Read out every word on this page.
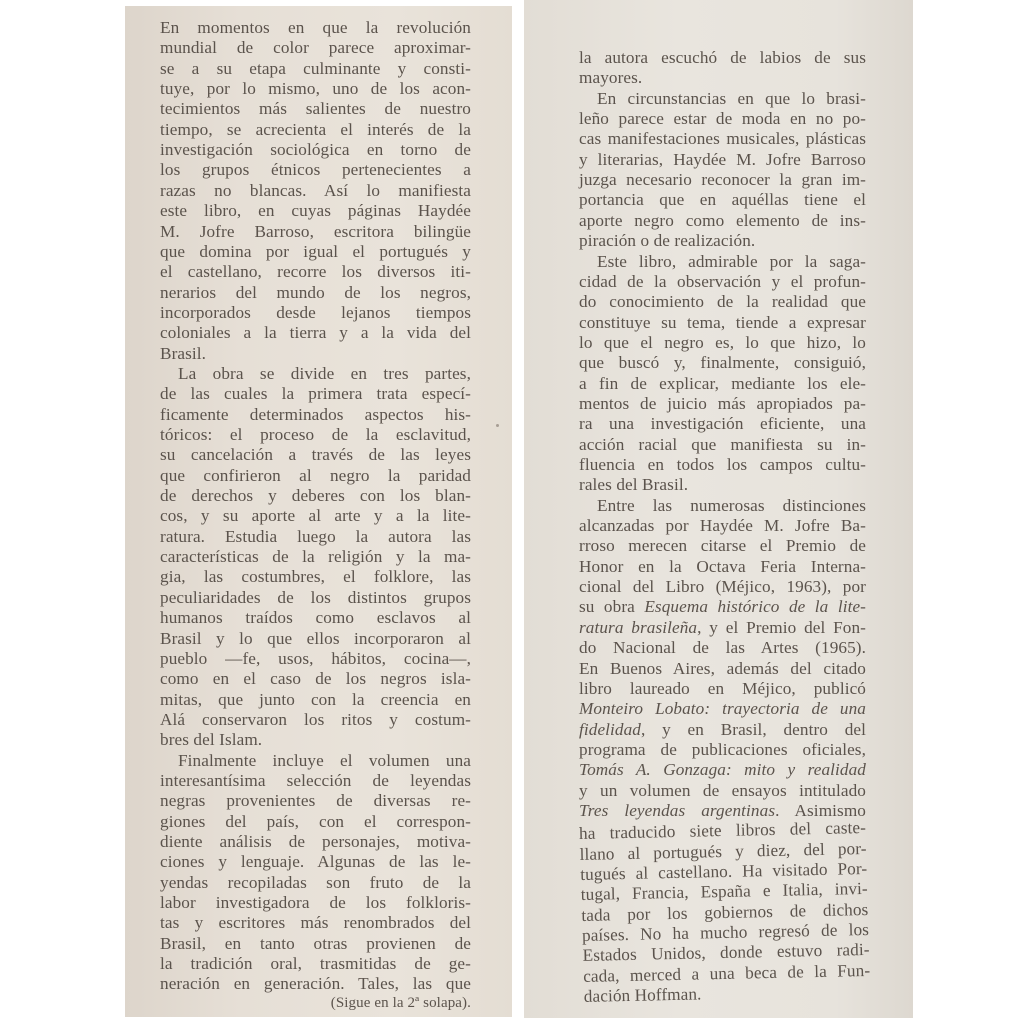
En momentos en que la revolución
mundial de color parece aproximar-
se a su etapa culminante y consti-
tuye, por lo mismo, uno de los acon-
tecimientos más salientes de nuestro
tiempo, se acrecienta el interés de la
investigación sociológica en torno de
los grupos étnicos pertenecientes a
razas no blancas. Así lo manifiesta
este libro, en cuyas páginas Haydée
M. Jofre Barroso, escritora bilingüe
que domina por igual el portugués y
el castellano, recorre los diversos iti-
nerarios del mundo de los negros,
incorporados desde lejanos tiempos
coloniales a la tierra y a la vida del
Brasil.
La obra se divide en tres partes,
de las cuales la primera trata especí-
ficamente determinados aspectos his-
tóricos: el proceso de la esclavitud,
su cancelación a través de las leyes
que confirieron al negro la paridad
de derechos y deberes con los blan-
cos, y su aporte al arte y a la lite-
ratura. Estudia luego la autora las
características de la religión y la ma-
gia, las costumbres, el folklore, las
peculiaridades de los distintos grupos
humanos traídos como esclavos al
Brasil y lo que ellos incorporaron al
pueblo —fe, usos, hábitos, cocina—,
como en el caso de los negros isla-
mitas, que junto con la creencia en
Alá conservaron los ritos y costum-
bres del Islam.
Finalmente incluye el volumen una
interesantísima selección de leyendas
negras provenientes de diversas re-
giones del país, con el correspon-
diente análisis de personajes, motiva-
ciones y lenguaje. Algunas de las le-
yendas recopiladas son fruto de la
labor investigadora de los folkloris-
tas y escritores más renombrados del
Brasil, en tanto otras provienen de
la tradición oral, trasmitidas de ge-
neración en generación. Tales, las que
(Sigue en la 2ª solapa).
la autora escuchó de labios de sus
mayores.
En circunstancias en que lo brasi-
leño parece estar de moda en no po-
cas manifestaciones musicales, plásticas
y literarias, Haydée M. Jofre Barroso
juzga necesario reconocer la gran im-
portancia que en aquéllas tiene el
aporte negro como elemento de ins-
piración o de realización.
Este libro, admirable por la saga-
cidad de la observación y el profun-
do conocimiento de la realidad que
constituye su tema, tiende a expresar
lo que el negro es, lo que hizo, lo
que buscó y, finalmente, consiguió,
a fin de explicar, mediante los ele-
mentos de juicio más apropiados pa-
ra una investigación eficiente, una
acción racial que manifiesta su in-
fluencia en todos los campos cultu-
rales del Brasil.
Entre las numerosas distinciones
alcanzadas por Haydée M. Jofre Ba-
rroso merecen citarse el Premio de
Honor en la Octava Feria Interna-
cional del Libro (Méjico, 1963), por
su obra Esquema histórico de la lite-
ratura brasileña, y el Premio del Fon-
do Nacional de las Artes (1965).
En Buenos Aires, además del citado
libro laureado en Méjico, publicó
Monteiro Lobato: trayectoria de una
fidelidad, y en Brasil, dentro del
programa de publicaciones oficiales,
Tomás A. Gonzaga: mito y realidad
y un volumen de ensayos intitulado
Tres leyendas argentinas. Asimismo
ha traducido siete libros del caste-
llano al portugués y diez, del por-
tugués al castellano. Ha visitado Por-
tugal, Francia, España e Italia, invi-
tada por los gobiernos de dichos
países. No ha mucho regresó de los
Estados Unidos, donde estuvo radi-
cada, merced a una beca de la Fun-
dación Hoffman.
